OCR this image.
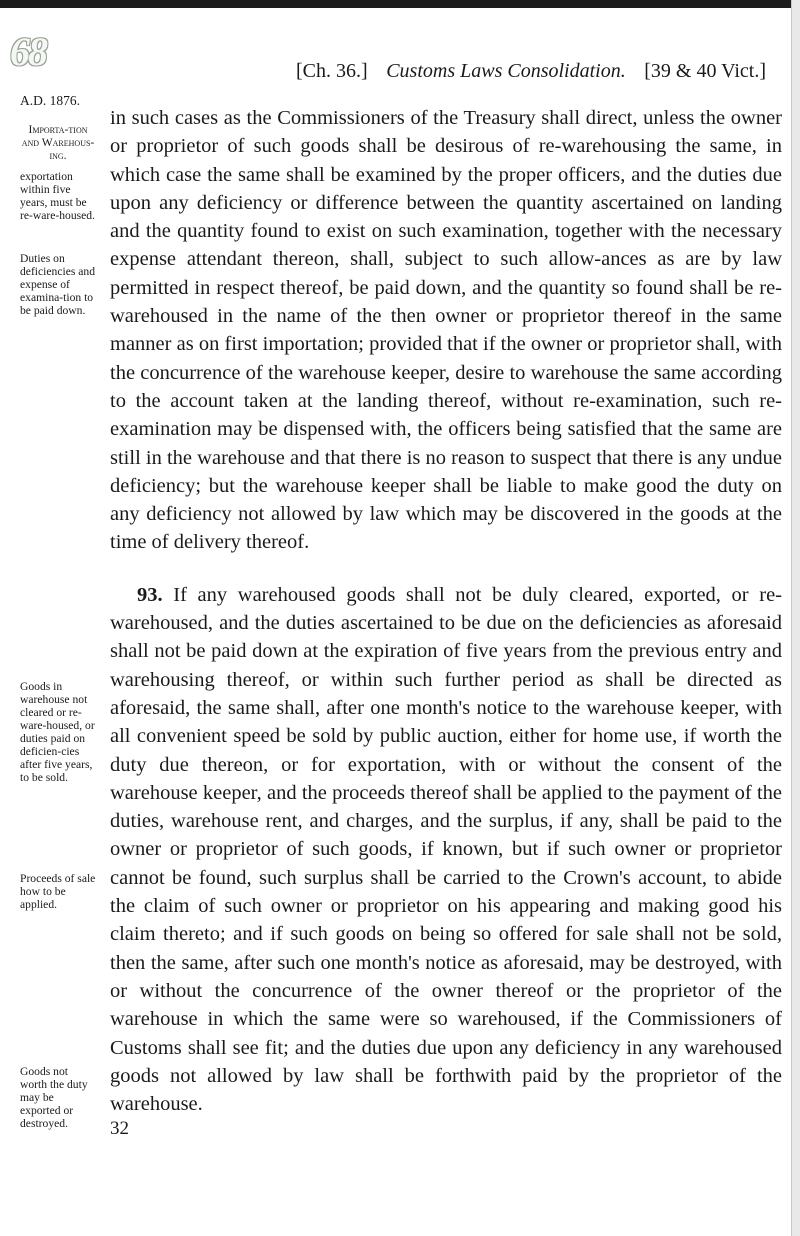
68	[Ch. 36.] Customs Laws Consolidation. [39 & 40 Vict.]
A.D. 1876.
Importa-tion and Warehous-ing.
exportation within five years, must be re-ware-housed.
Duties on deficiencies and expense of examina-tion to be paid down.
Goods in warehouse not cleared or re-ware-housed, or duties paid on deficien-cies after five years, to be sold.
Proceeds of sale how to be applied.
Goods not worth the duty may be exported or destroyed.

in such cases as the Commissioners of the Treasury shall direct, unless the owner or proprietor of such goods shall be desirous of re-warehousing the same, in which case the same shall be examined by the proper officers, and the duties due upon any deficiency or difference between the quantity ascertained on landing and the quantity found to exist on such examination, together with the necessary expense attendant thereon, shall, subject to such allow-ances as are by law permitted in respect thereof, be paid down, and the quantity so found shall be re-warehoused in the name of the then owner or proprietor thereof in the same manner as on first importation; provided that if the owner or proprietor shall, with the concurrence of the warehouse keeper, desire to warehouse the same according to the account taken at the landing thereof, without re-examination, such re-examination may be dispensed with, the officers being satisfied that the same are still in the warehouse and that there is no reason to suspect that there is any undue deficiency; but the warehouse keeper shall be liable to make good the duty on any deficiency not allowed by law which may be discovered in the goods at the time of delivery thereof.

93. If any warehoused goods shall not be duly cleared, exported, or re-warehoused, and the duties ascertained to be due on the deficiencies as aforesaid shall not be paid down at the expiration of five years from the previous entry and warehousing thereof, or within such further period as shall be directed as aforesaid, the same shall, after one month's notice to the warehouse keeper, with all convenient speed be sold by public auction, either for home use, if worth the duty due thereon, or for exportation, with or without the consent of the warehouse keeper, and the proceeds thereof shall be applied to the payment of the duties, warehouse rent, and charges, and the surplus, if any, shall be paid to the owner or proprietor of such goods, if known, but if such owner or proprietor cannot be found, such surplus shall be carried to the Crown's account, to abide the claim of such owner or proprietor on his appearing and making good his claim thereto; and if such goods on being so offered for sale shall not be sold, then the same, after such one month's notice as aforesaid, may be destroyed, with or without the concurrence of the owner thereof or the proprietor of the warehouse in which the same were so warehoused, if the Commissioners of Customs shall see fit; and the duties due upon any deficiency in any warehoused goods not allowed by law shall be forthwith paid by the proprietor of the warehouse.

32
